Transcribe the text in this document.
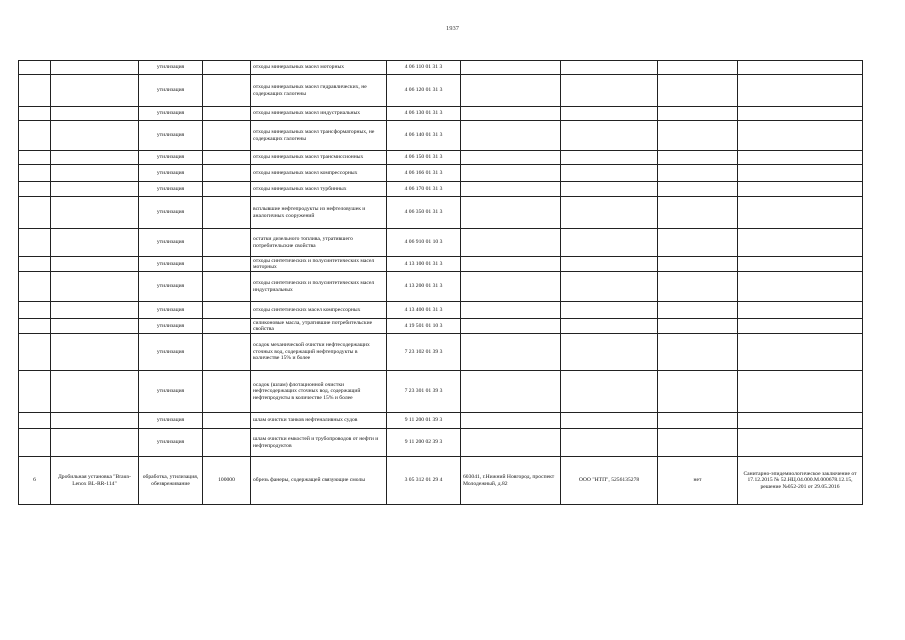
1937
		утилизация		отходы минеральных масел моторных	4 06 110 01 31 3				
		утилизация		отходы минеральных масел гидравлических, не содержащих галогены	4 06 120 01 31 3				
		утилизация		отходы минеральных масел индустриальных	4 06 130 01 31 3				
		утилизация		отходы минеральных масел трансформаторных, не содержащих галогены	4 06 140 01 31 3				
		утилизация		отходы минеральных масел трансмиссионных	4 06 150 01 31 3				
		утилизация		отходы минеральных масел компрессорных	4 06 166 01 31 3				
		утилизация		отходы минеральных масел турбинных	4 06 170 01 31 3				
		утилизация		всплывшие нефтепродукты из нефтеловушек и аналогичных сооружений	4 06 350 01 31 3				
		утилизация		остатки дизельного топлива, утратившего потребительские свойства	4 06 910 01 10 3				
		утилизация		отходы синтетических и полусинтетических масел моторных	4 13 100 01 31 3				
		утилизация		отходы синтетических и полусинтетических масел индустриальных	4 13 200 01 31 3				
		утилизация		отходы синтетических масел компрессорных	4 13 400 01 31 3				
		утилизация		силиконовые масла, утратившие потребительские свойства	4 19 501 01 10 3				
		утилизация		осадок механической очистки нефтесодержащих сточных вод, содержащий нефтепродукты в количестве 15% и более	7 23 102 01 39 3				
		утилизация		осадок (шлам) флотационной очистки нефтесодержащих сточных вод, содержащий нефтепродукты в количестве 15% и более	7 23 301 01 39 3				
		утилизация		шлам очистки танков нефтеналивных судов	9 11 200 01 39 3				
		утилизация		шлам очистки емкостей и трубопроводов от нефти и нефтепродуктов	9 11 200 02 39 3				
6	Дробильная установка "Braun-Lenox BL-RR-114"	обработка, утилизация, обезвреживание	100000	обрезь фанеры, содержащей связующие смолы	3 05 312 01 29 4	603041, г.Нижний Новгород, проспект Молодежный, д.82	ООО "НТП", 5256135278	нет	Санитарно-эпидемиологическое заключение от 17.12.2015 № 52.НЦ.04.000.М.000678.12.15, решение №052-201 от 29.05.2016
